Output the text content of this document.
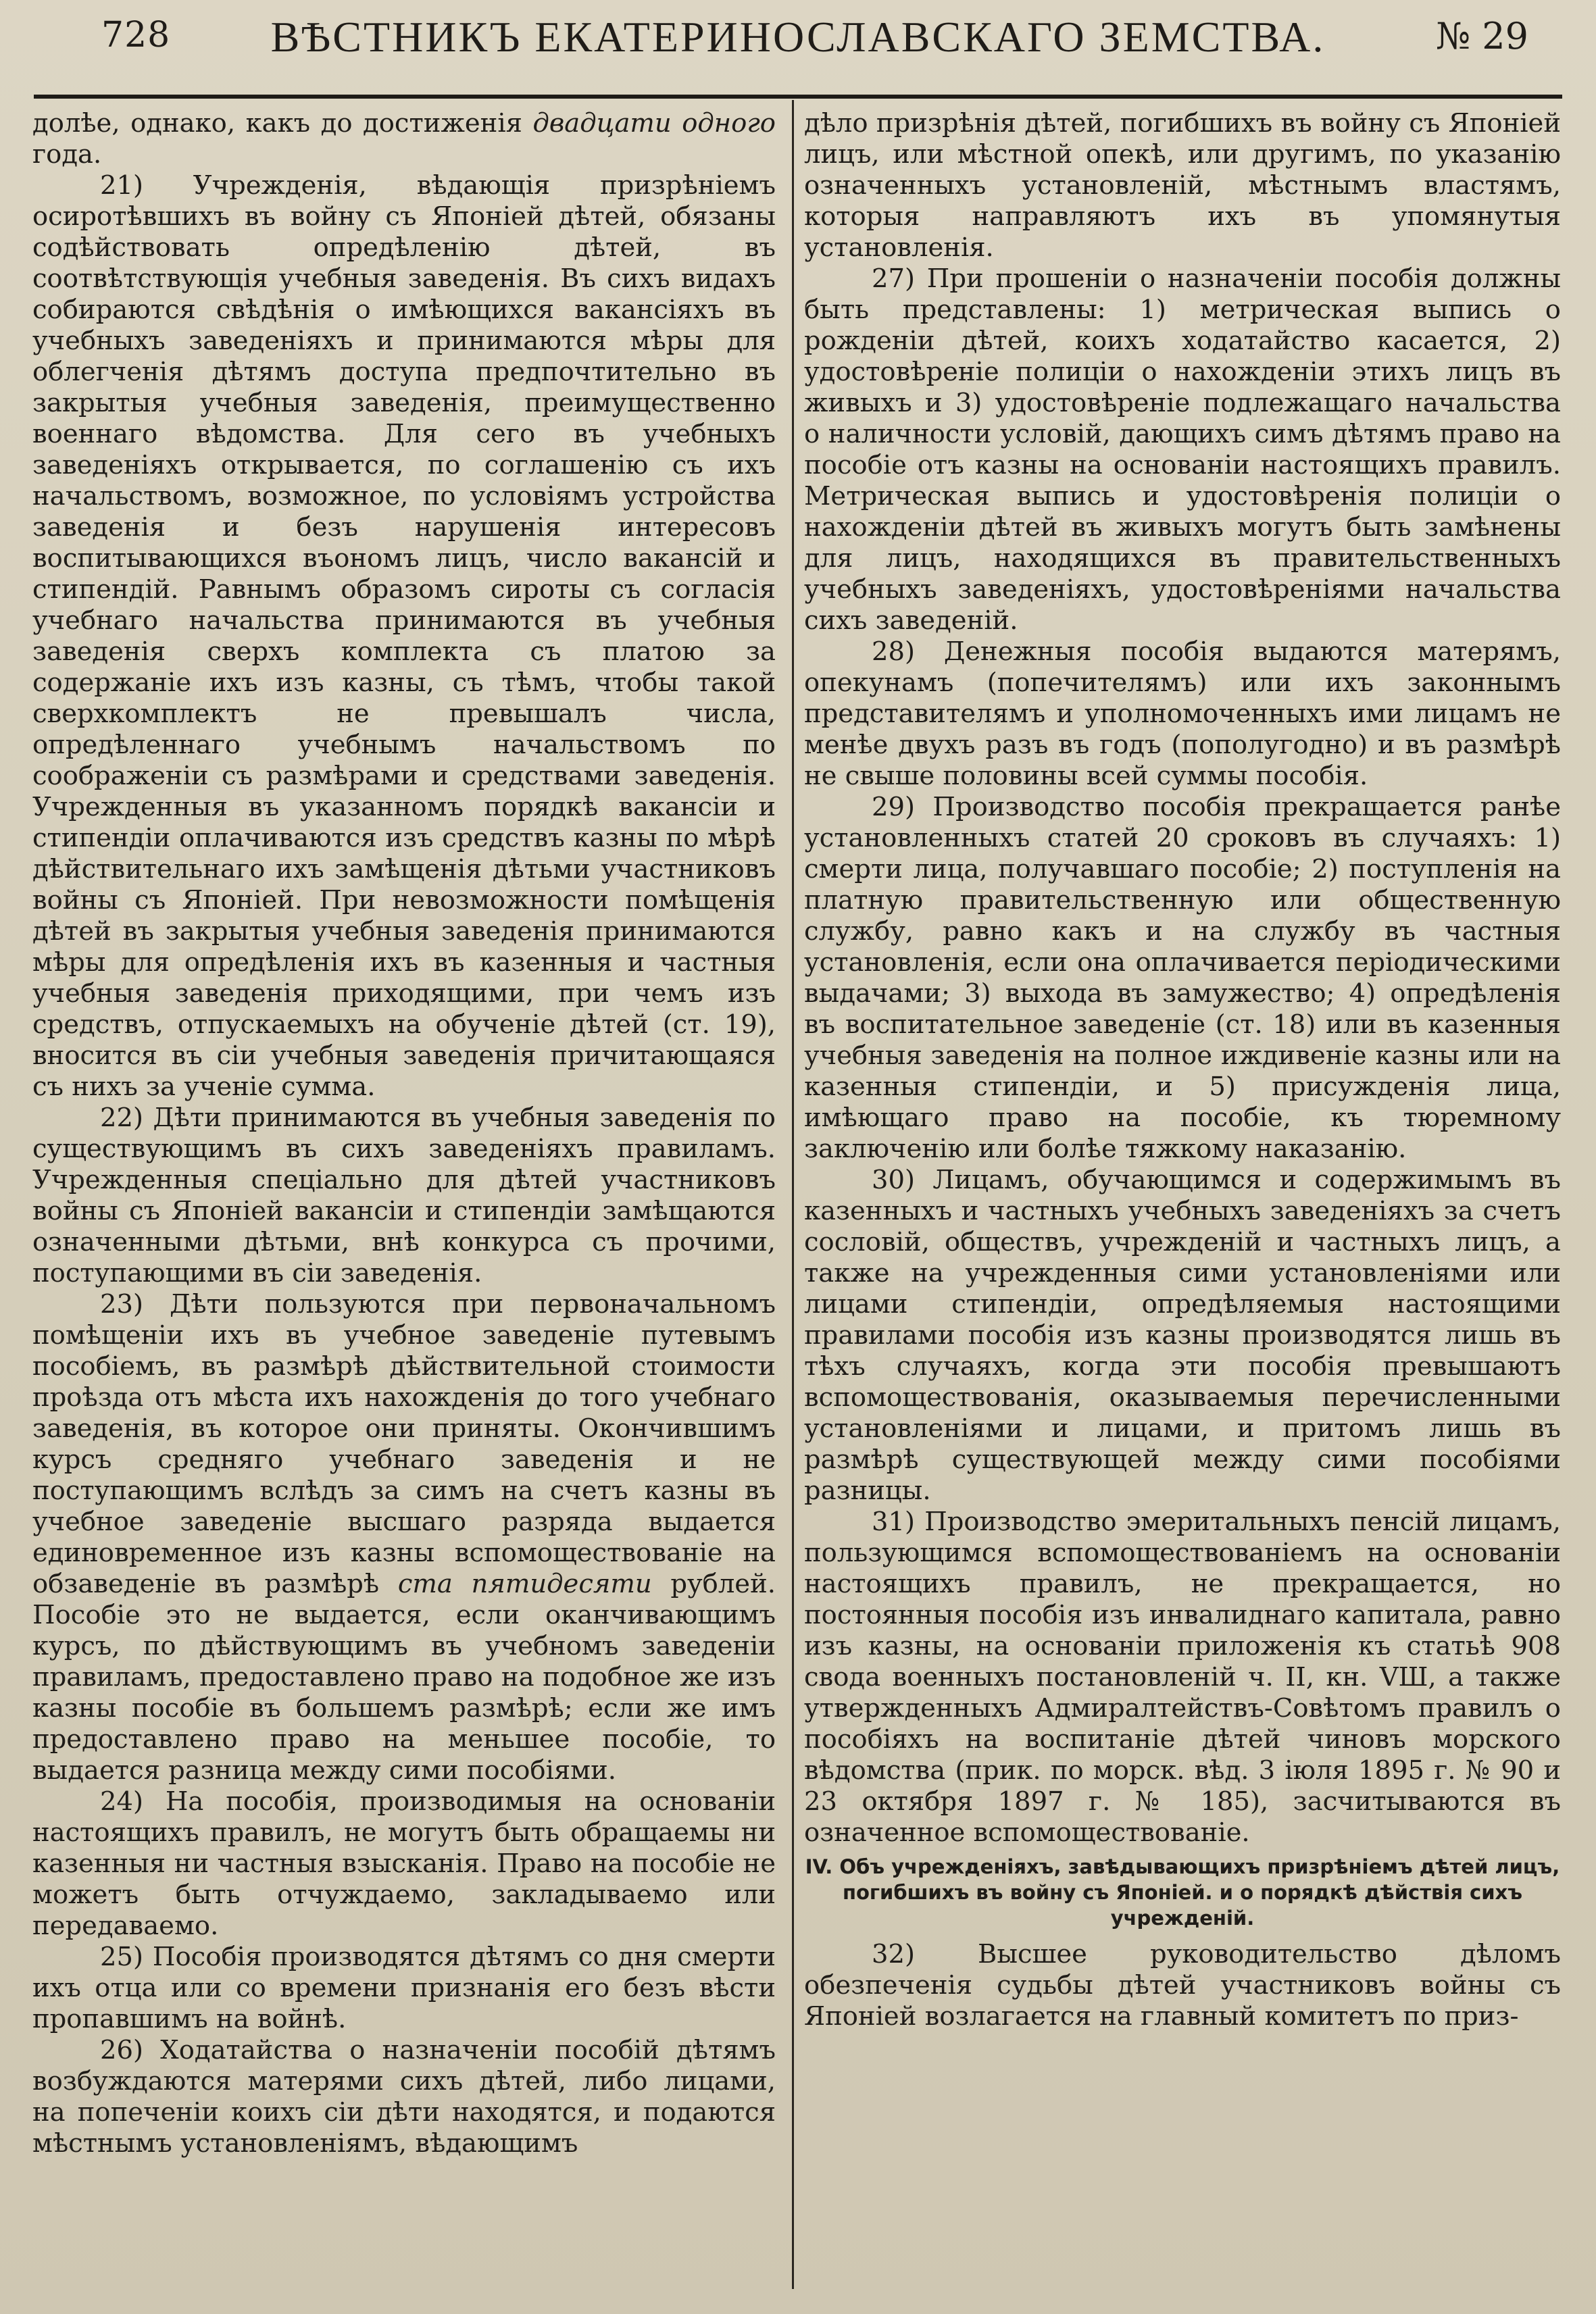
728	ВѢСТНИКЪ ЕКАТЕРИНОСЛАВСКАГО ЗЕМСТВА.	№ 29

долѣе, однако, какъ до достиженія двадцати одного года.

21) Учрежденія, вѣдающія призрѣніемъ осиротѣвшихъ въ войну съ Японіей дѣтей, обязаны содѣйствовать опредѣленію дѣтей, въ соотвѣтствующія учебныя заведенія. Въ сихъ видахъ собираются свѣдѣнія о имѣющихся вакансіяхъ въ учебныхъ заведеніяхъ и принимаются мѣры для облегченія дѣтямъ доступа предпочтительно въ закрытыя учебныя заведенія, преимущественно военнаго вѣдомства. Для сего въ учебныхъ заведеніяхъ открывается, по соглашенію съ ихъ начальствомъ, возможное, по условіямъ устройства заведенія и безъ нарушенія интересовъ воспитывающихся въономъ лицъ, число вакансій и стипендій. Равнымъ образомъ сироты съ согласія учебнаго начальства принимаются въ учебныя заведенія сверхъ комплекта съ платою за содержаніе ихъ изъ казны, съ тѣмъ, чтобы такой сверхкомплектъ не превышалъ числа, опредѣленнаго учебнымъ начальствомъ по соображеніи съ размѣрами и средствами заведенія. Учрежденныя въ указанномъ порядкѣ вакансіи и стипендіи оплачиваются изъ средствъ казны по мѣрѣ дѣйствительнаго ихъ замѣщенія дѣтьми участниковъ войны съ Японіей. При невозможности помѣщенія дѣтей въ закрытыя учебныя заведенія принимаются мѣры для опредѣленія ихъ въ казенныя и частныя учебныя заведенія приходящими, при чемъ изъ средствъ, отпускаемыхъ на обученіе дѣтей (ст. 19), вносится въ сіи учебныя заведенія причитающаяся съ нихъ за ученіе сумма.

22) Дѣти принимаются въ учебныя заведенія по существующимъ въ сихъ заведеніяхъ правиламъ. Учрежденныя спеціально для дѣтей участниковъ войны съ Японіей вакансіи и стипендіи замѣщаются означенными дѣтьми, внѣ конкурса съ прочими, поступающими въ сіи заведенія.

23) Дѣти пользуются при первоначальномъ помѣщеніи ихъ въ учебное заведеніе путевымъ пособіемъ, въ размѣрѣ дѣйствительной стоимости проѣзда отъ мѣста ихъ нахожденія до того учебнаго заведенія, въ которое они приняты. Окончившимъ курсъ средняго учебнаго заведенія и не поступающимъ вслѣдъ за симъ на счетъ казны въ учебное заведеніе высшаго разряда выдается единовременное изъ казны вспомоществованіе на обзаведеніе въ размѣрѣ ста пятидесяти рублей. Пособіе это не выдается, если оканчивающимъ курсъ, по дѣйствующимъ въ учебномъ заведеніи правиламъ, предоставлено право на подобное же изъ казны пособіе въ большемъ размѣрѣ; если же имъ предоставлено право на меньшее пособіе, то выдается разница между сими пособіями.

24) На пособія, производимыя на основаніи настоящихъ правилъ, не могутъ быть обращаемы ни казенныя ни частныя взысканія. Право на пособіе не можетъ быть отчуждаемо, закладываемо или передаваемо.

25) Пособія производятся дѣтямъ со дня смерти ихъ отца или со времени признанія его безъ вѣсти пропавшимъ на войнѣ.

26) Ходатайства о назначеніи пособій дѣтямъ возбуждаются матерями сихъ дѣтей, либо лицами, на попеченіи коихъ сіи дѣти находятся, и подаются мѣстнымъ установленіямъ, вѣдающимъ

дѣло призрѣнія дѣтей, погибшихъ въ войну съ Японіей лицъ, или мѣстной опекѣ, или другимъ, по указанію означенныхъ установленій, мѣстнымъ властямъ, которыя направляютъ ихъ въ упомянутыя установленія.

27) При прошеніи о назначеніи пособія должны быть представлены: 1) метрическая выпись о рожденіи дѣтей, коихъ ходатайство касается, 2) удостовѣреніе полиціи о нахожденіи этихъ лицъ въ живыхъ и 3) удостовѣреніе подлежащаго начальства о наличности условій, дающихъ симъ дѣтямъ право на пособіе отъ казны на основаніи настоящихъ правилъ. Метрическая выпись и удостовѣренія полиціи о нахожденіи дѣтей въ живыхъ могутъ быть замѣнены для лицъ, находящихся въ правительственныхъ учебныхъ заведеніяхъ, удостовѣреніями начальства сихъ заведеній.

28) Денежныя пособія выдаются матерямъ, опекунамъ (попечителямъ) или ихъ законнымъ представителямъ и уполномоченныхъ ими лицамъ не менѣе двухъ разъ въ годъ (пополугодно) и въ размѣрѣ не свыше половины всей суммы пособія.

29) Производство пособія прекращается ранѣе установленныхъ статей 20 сроковъ въ случаяхъ: 1) смерти лица, получавшаго пособіе; 2) поступленія на платную правительственную или общественную службу, равно какъ и на службу въ частныя установленія, если она оплачивается періодическими выдачами; 3) выхода въ замужество; 4) опредѣленія въ воспитательное заведеніе (ст. 18) или въ казенныя учебныя заведенія на полное иждивеніе казны или на казенныя стипендіи, и 5) присужденія лица, имѣющаго право на пособіе, къ тюремному заключенію или болѣе тяжкому наказанію.

30) Лицамъ, обучающимся и содержимымъ въ казенныхъ и частныхъ учебныхъ заведеніяхъ за счетъ сословій, обществъ, учрежденій и частныхъ лицъ, а также на учрежденныя сими установленіями или лицами стипендіи, опредѣляемыя настоящими правилами пособія изъ казны производятся лишь въ тѣхъ случаяхъ, когда эти пособія превышаютъ вспомоществованія, оказываемыя перечисленными установленіями и лицами, и притомъ лишь въ размѣрѣ существующей между сими пособіями разницы.

31) Производство эмеритальныхъ пенсій лицамъ, пользующимся вспомоществованіемъ на основаніи настоящихъ правилъ, не прекращается, но постоянныя пособія изъ инвалиднаго капитала, равно изъ казны, на основаніи приложенія къ статьѣ 908 свода военныхъ постановленій ч. II, кн. VШ, а также утвержденныхъ Адмиралтействъ-Совѣтомъ правилъ о пособіяхъ на воспитаніе дѣтей чиновъ морского вѣдомства (прик. по морск. вѣд. 3 іюля 1895 г. № 90 и 23 октября 1897 г. № 185), засчитываются въ означенное вспомоществованіе.

IV. Объ учрежденіяхъ, завѣдывающихъ призрѣніемъ дѣтей лицъ, погибшихъ въ войну съ Японіей. и о порядкѣ дѣйствія сихъ учрежденій.

32) Высшее руководительство дѣломъ обезпеченія судьбы дѣтей участниковъ войны съ Японіей возлагается на главный комитетъ по приз-
